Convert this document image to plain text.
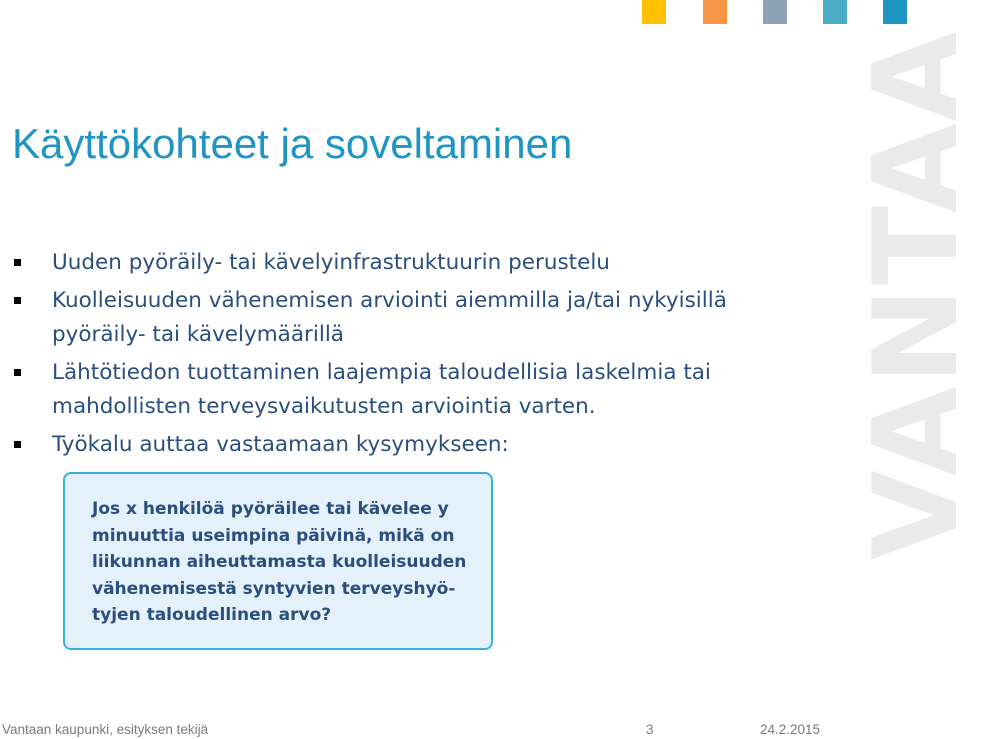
VANTAA
Käyttökohteet ja soveltaminen
Uuden pyöräily- tai kävelyinfrastruktuurin perustelu
Kuolleisuuden vähenemisen arviointi aiemmilla ja/tai nykyisillä
pyöräily- tai kävelymäärillä
Lähtötiedon tuottaminen laajempia taloudellisia laskelmia tai
mahdollisten terveysvaikutusten arviointia varten.
Työkalu auttaa vastaamaan kysymykseen:

Jos x henkilöä pyöräilee tai kävelee y

minuuttia useimpina päivinä, mikä on

liikunnan aiheuttamasta kuolleisuuden

vähenemisestä syntyvien terveyshyö-

tyjen taloudellinen arvo?

Vantaan kaupunki, esityksen tekijä	3	24.2.2015
